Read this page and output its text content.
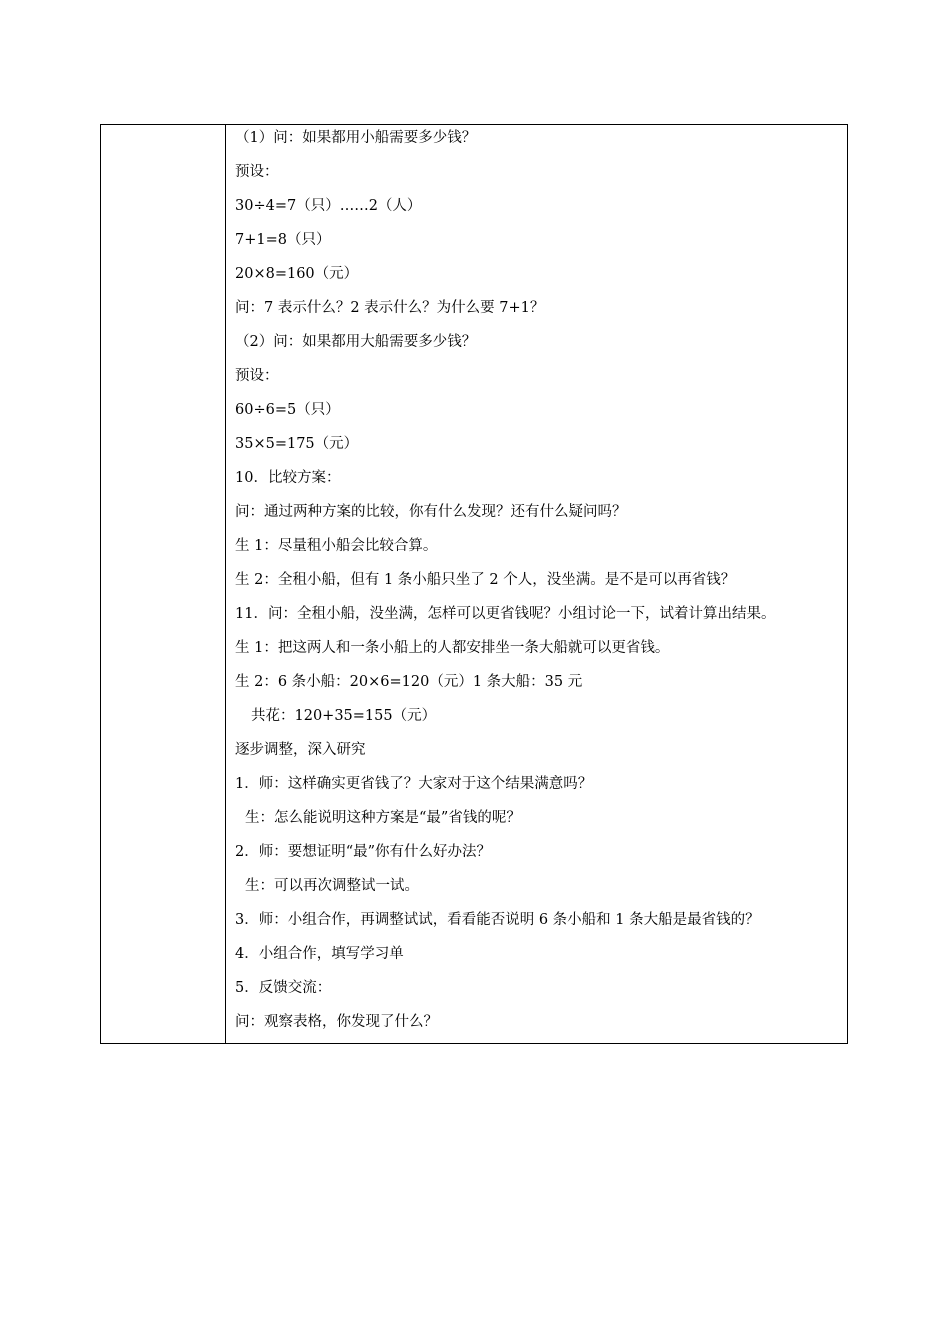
（1）问：如果都用小船需要多少钱？
预设：
30÷4=7（只）……2（人）
7+1=8（只）
20×8=160（元）
问：7 表示什么？2 表示什么？为什么要 7+1？
（2）问：如果都用大船需要多少钱？
预设：
60÷6=5（只）
35×5=175（元）
10．比较方案：
问：通过两种方案的比较，你有什么发现？还有什么疑问吗？
生 1：尽量租小船会比较合算。
生 2：全租小船，但有 1 条小船只坐了 2 个人，没坐满。是不是可以再省钱？
11．问：全租小船，没坐满，怎样可以更省钱呢？小组讨论一下，试着计算出结果。
生 1：把这两人和一条小船上的人都安排坐一条大船就可以更省钱。
生 2：6 条小船：20×6=120（元）1 条大船：35 元
共花：120+35=155（元）
逐步调整，深入研究
1．师：这样确实更省钱了？大家对于这个结果满意吗？
生：怎么能说明这种方案是“最”省钱的呢？
2．师：要想证明“最”你有什么好办法？
生：可以再次调整试一试。
3．师：小组合作，再调整试试，看看能否说明 6 条小船和 1 条大船是最省钱的？
4．小组合作，填写学习单
5．反馈交流：
问：观察表格，你发现了什么？
